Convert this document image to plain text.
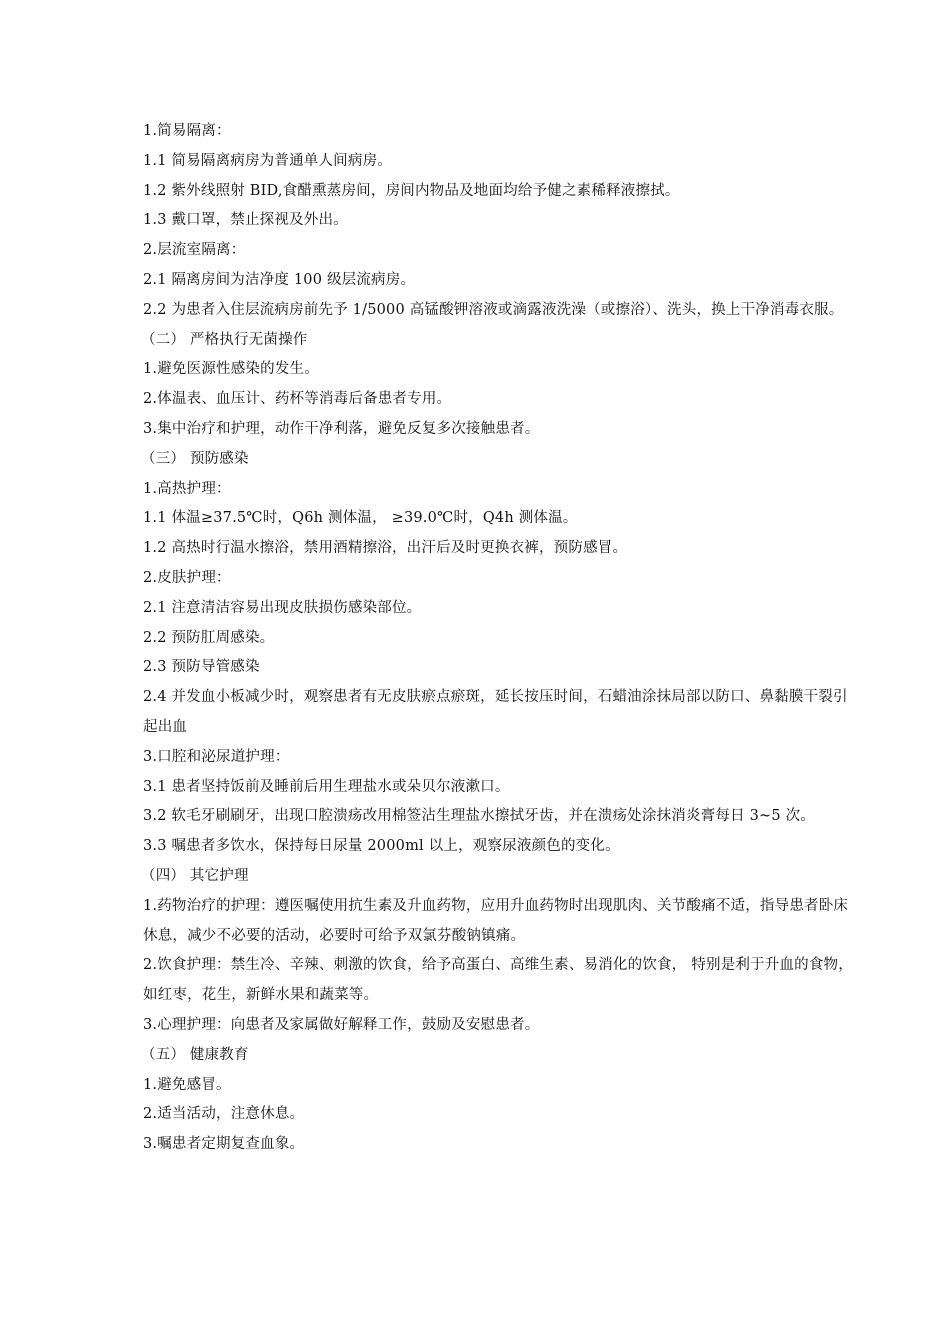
1.简易隔离：

1.1 简易隔离病房为普通单人间病房。

1.2 紫外线照射 BID,食醋熏蒸房间，房间内物品及地面均给予健之素稀释液擦拭。

1.3 戴口罩，禁止探视及外出。

2.层流室隔离：

2.1 隔离房间为洁净度 100 级层流病房。

2.2 为患者入住层流病房前先予 1/5000 高锰酸钾溶液或滴露液洗澡（或擦浴）、洗头，换上干净消毒衣服。

（二） 严格执行无菌操作

1.避免医源性感染的发生。

2.体温表、血压计、药杯等消毒后备患者专用。

3.集中治疗和护理，动作干净利落，避免反复多次接触患者。

（三） 预防感染

1.高热护理：

1.1 体温≥37.5℃时，Q6h 测体温， ≥39.0℃时，Q4h 测体温。

1.2 高热时行温水擦浴，禁用酒精擦浴，出汗后及时更换衣裤，预防感冒。

2.皮肤护理：

2.1 注意清洁容易出现皮肤损伤感染部位。

2.2 预防肛周感染。

2.3 预防导管感染

2.4 并发血小板减少时，观察患者有无皮肤瘀点瘀斑，延长按压时间，石蜡油涂抹局部以防口、鼻黏膜干裂引起出血

3.口腔和泌尿道护理：

3.1 患者坚持饭前及睡前后用生理盐水或朵贝尔液漱口。

3.2 软毛牙刷刷牙，出现口腔溃疡改用棉签沾生理盐水擦拭牙齿，并在溃疡处涂抹消炎膏每日 3~5 次。

3.3 嘱患者多饮水，保持每日尿量 2000ml 以上，观察尿液颜色的变化。

（四） 其它护理

1.药物治疗的护理：遵医嘱使用抗生素及升血药物，应用升血药物时出现肌肉、关节酸痛不适，指导患者卧床休息，减少不必要的活动，必要时可给予双氯芬酸钠镇痛。

2.饮食护理：禁生冷、辛辣、刺激的饮食，给予高蛋白、高维生素、易消化的饮食， 特别是利于升血的食物，如红枣，花生，新鲜水果和蔬菜等。

3.心理护理：向患者及家属做好解释工作，鼓励及安慰患者。

（五） 健康教育

1.避免感冒。

2.适当活动，注意休息。

3.嘱患者定期复查血象。
